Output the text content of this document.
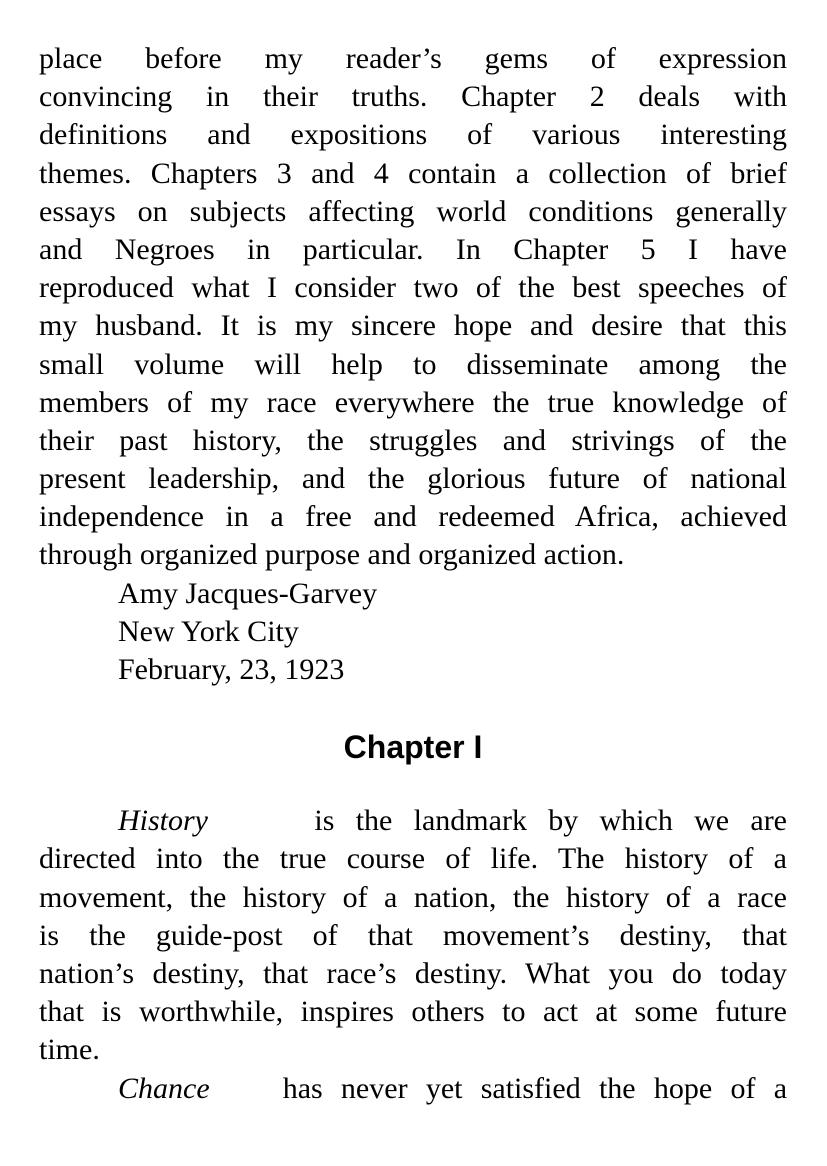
place before my reader’s gems of expression
convincing in their truths. Chapter 2 deals with
definitions and expositions of various interesting
themes. Chapters 3 and 4 contain a collection of brief
essays on subjects affecting world conditions generally
and Negroes in particular. In Chapter 5 I have
reproduced what I consider two of the best speeches of
my husband. It is my sincere hope and desire that this
small volume will help to disseminate among the
members of my race everywhere the true knowledge of
their past history, the struggles and strivings of the
present leadership, and the glorious future of national
independence in a free and redeemed Africa, achieved
through organized purpose and organized action.
Amy Jacques-Garvey
New York City
February, 23, 1923
Chapter I
History	is the landmark by which we are
directed into the true course of life. The history of a
movement, the history of a nation, the history of a race
is the guide-post of that movement’s destiny, that
nation’s destiny, that race’s destiny. What you do today
that is worthwhile, inspires others to act at some future
time.
Chance has never yet satisfied the hope of a
